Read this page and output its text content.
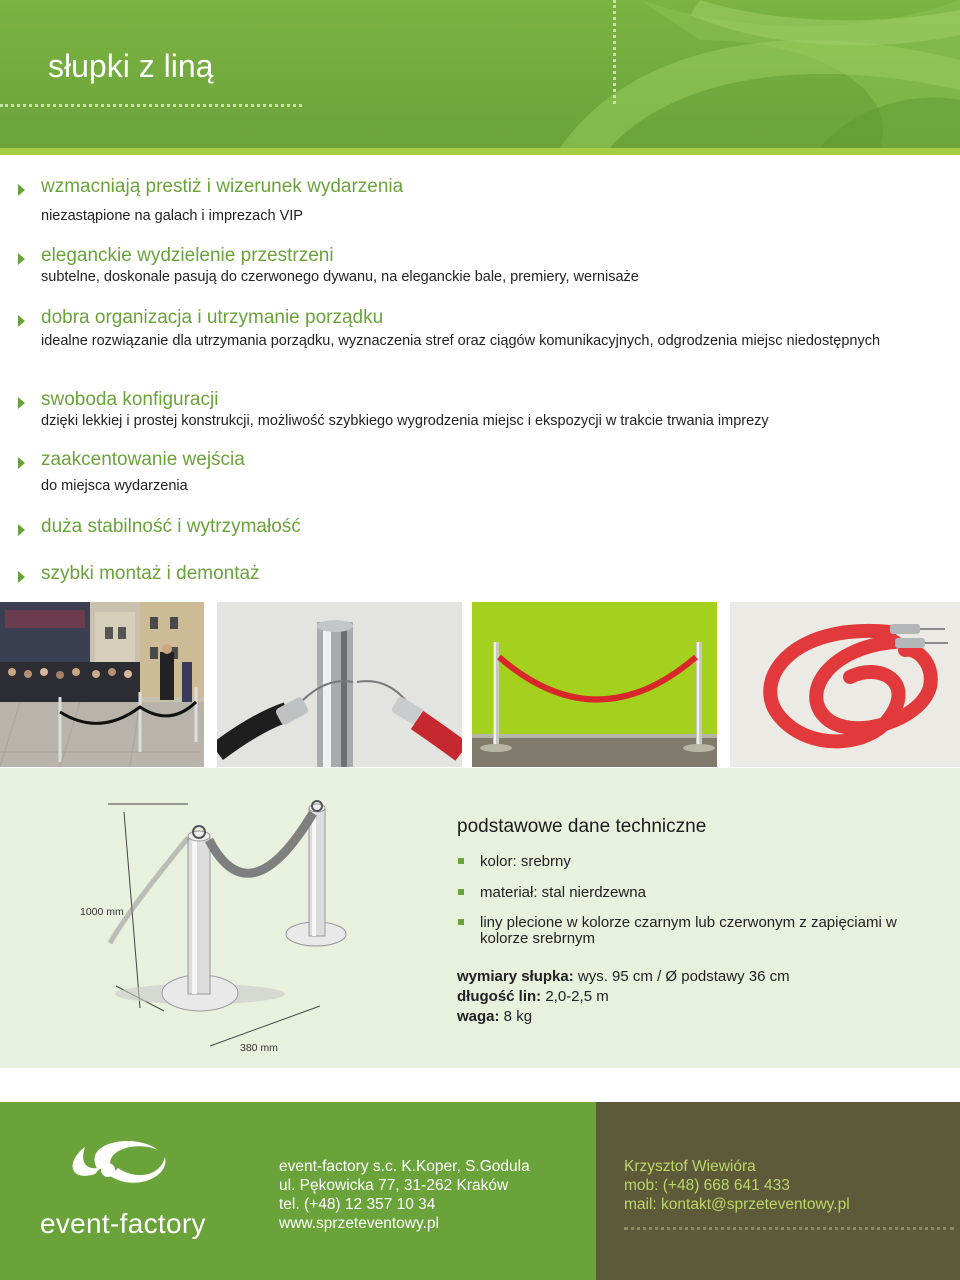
słupki z liną
wzmacniają prestiż i wizerunek wydarzenia
niezastąpione na galach i imprezach VIP
eleganckie wydzielenie przestrzeni
subtelne, doskonale pasują do czerwonego dywanu, na eleganckie bale, premiery, wernisaże
dobra organizacja i utrzymanie porządku
idealne rozwiązanie dla utrzymania porządku, wyznaczenia stref oraz ciągów komunikacyjnych, odgrodzenia miejsc niedostępnych
swoboda konfiguracji
dzięki lekkiej i prostej konstrukcji, możliwość szybkiego wygrodzenia miejsc i ekspozycji w trakcie trwania imprezy
zaakcentowanie wejścia
do miejsca wydarzenia
duża stabilność i wytrzymałość
szybki montaż i demontaż
1000 mm
380 mm
podstawowe dane techniczne
kolor: srebrny
materiał: stal nierdzewna
liny plecione w kolorze czarnym lub czerwonym z zapięciami w kolorze srebrnym
wymiary słupka: wys. 95 cm / Ø podstawy 36 cm
długość lin: 2,0-2,5 m
waga: 8 kg
event-factory
event-factory s.c. K.Koper, S.Godula
ul. Pękowicka 77, 31-262 Kraków
tel. (+48) 12 357 10 34
www.sprzeteventowy.pl
Krzysztof Wiewióra
mob: (+48) 668 641 433
mail: kontakt@sprzeteventowy.pl
